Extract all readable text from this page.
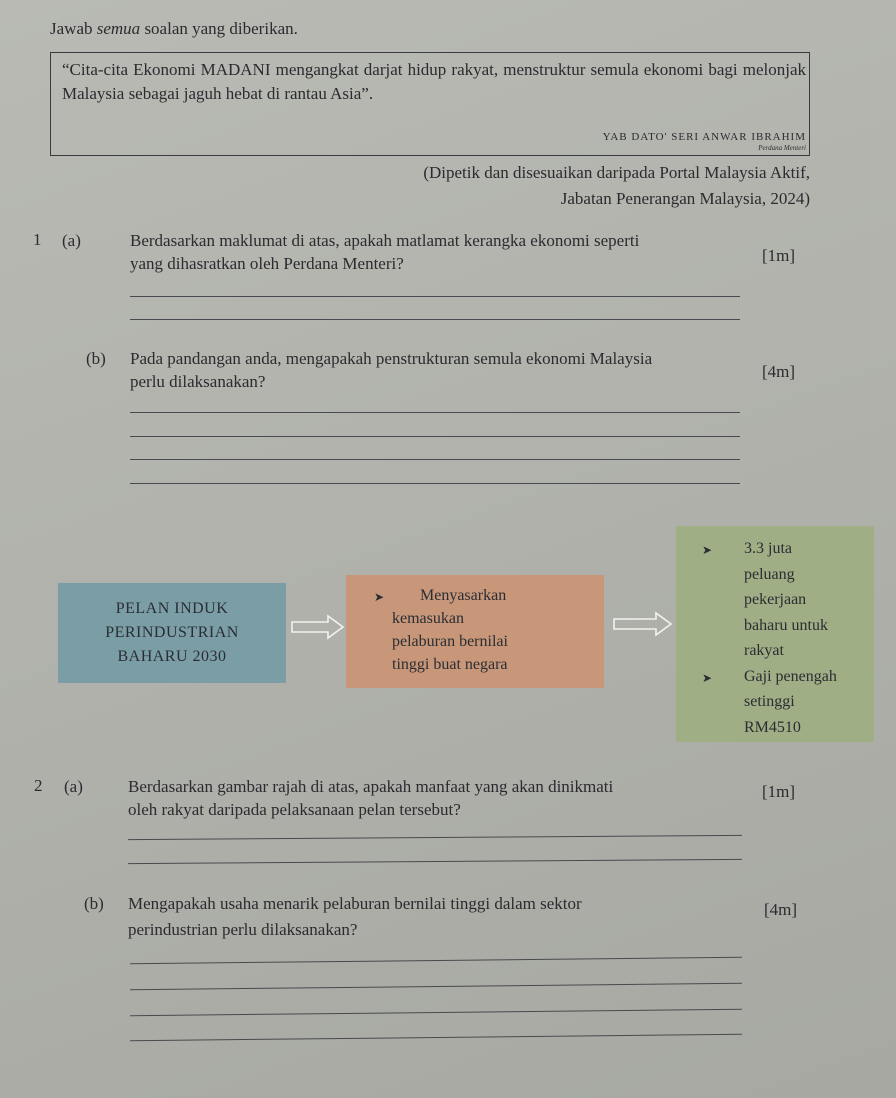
Jawab semua soalan yang diberikan.
“Cita-cita Ekonomi MADANI mengangkat darjat hidup rakyat, menstruktur semula ekonomi bagi melonjak Malaysia sebagai jaguh hebat di rantau Asia”.
YAB DATO' SERI ANWAR IBRAHIM
Perdana Menteri
(Dipetik dan disesuaikan daripada Portal Malaysia Aktif,
Jabatan Penerangan Malaysia, 2024)
1 (a)	Berdasarkan maklumat di atas, apakah matlamat kerangka ekonomi seperti
yang dihasratkan oleh Perdana Menteri?	[1m]
(b) Pada pandangan anda, mengapakah penstrukturan semula ekonomi Malaysia
perlu dilaksanakan?
[4m]
PELAN INDUK
PERINDUSTRIAN
BAHARU 2030
➤	Menyasarkan
kemasukan
pelaburan bernilai
tinggi buat negara
➤	3.3 juta
peluang
pekerjaan
baharu untuk
rakyat
➤	Gaji penengah
setinggi
RM4510
2 (a)	Berdasarkan gambar rajah di atas, apakah manfaat yang akan dinikmati
oleh rakyat daripada pelaksanaan pelan tersebut?
[1m]
(b) Mengapakah usaha menarik pelaburan bernilai tinggi dalam sektor
perindustrian perlu dilaksanakan?
[4m]
